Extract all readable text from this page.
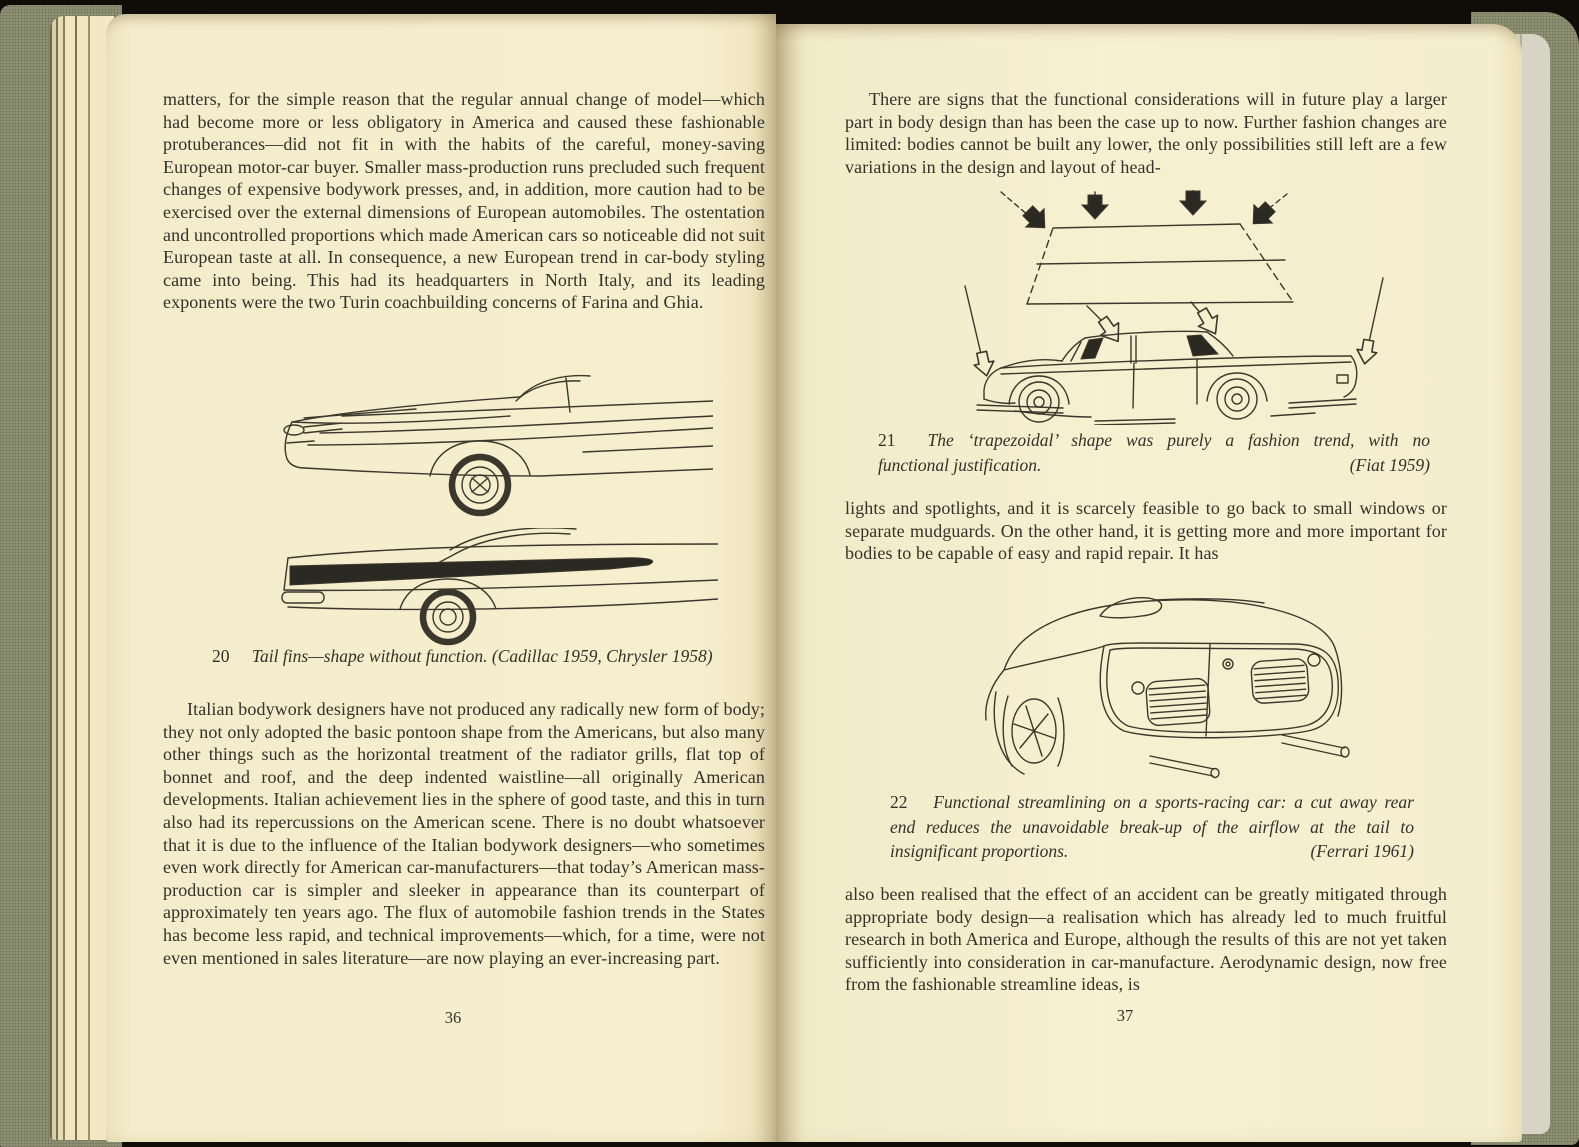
matters, for the simple reason that the regular annual change of model—which had become more or less obligatory in America and caused these fashionable protuberances—did not fit in with the habits of the careful, money-saving European motor-car buyer. Smaller mass-production runs precluded such frequent changes of expensive bodywork presses, and, in addition, more caution had to be exercised over the external dimensions of European automobiles. The ostentation and uncontrolled proportions which made American cars so noticeable did not suit European taste at all. In consequence, a new European trend in car-body styling came into being. This had its headquarters in North Italy, and its leading exponents were the two Turin coachbuilding concerns of Farina and Ghia.
20 Tail fins—shape without function. (Cadillac 1959, Chrysler 1958)
Italian bodywork designers have not produced any radically new form of body; they not only adopted the basic pontoon shape from the Americans, but also many other things such as the horizontal treatment of the radiator grills, flat top of bonnet and roof, and the deep indented waistline—all originally American developments. Italian achievement lies in the sphere of good taste, and this in turn also had its repercussions on the American scene. There is no doubt whatsoever that it is due to the influence of the Italian bodywork designers—who sometimes even work directly for American car-manufacturers—that today’s American mass-production car is simpler and sleeker in appearance than its counterpart of approximately ten years ago. The flux of automobile fashion trends in the States has become less rapid, and technical improvements—which, for a time, were not even mentioned in sales literature—are now playing an ever-increasing part.
36
There are signs that the functional considerations will in future play a larger part in body design than has been the case up to now. Further fashion changes are limited: bodies cannot be built any lower, the only possibilities still left are a few variations in the design and layout of head-
21 The ‘trapezoidal’ shape was purely a fashion trend, with no
functional justification.	(Fiat 1959)
lights and spotlights, and it is scarcely feasible to go back to small windows or separate mudguards. On the other hand, it is getting more and more important for bodies to be capable of easy and rapid repair. It has
22 Functional streamlining on a sports-racing car: a cut away rear
end reduces the unavoidable break-up of the airflow at the tail to
insignificant proportions.	(Ferrari 1961)
also been realised that the effect of an accident can be greatly mitigated through appropriate body design—a realisation which has already led to much fruitful research in both America and Europe, although the results of this are not yet taken sufficiently into consideration in car-manufacture. Aerodynamic design, now free from the fashionable streamline ideas, is
37
